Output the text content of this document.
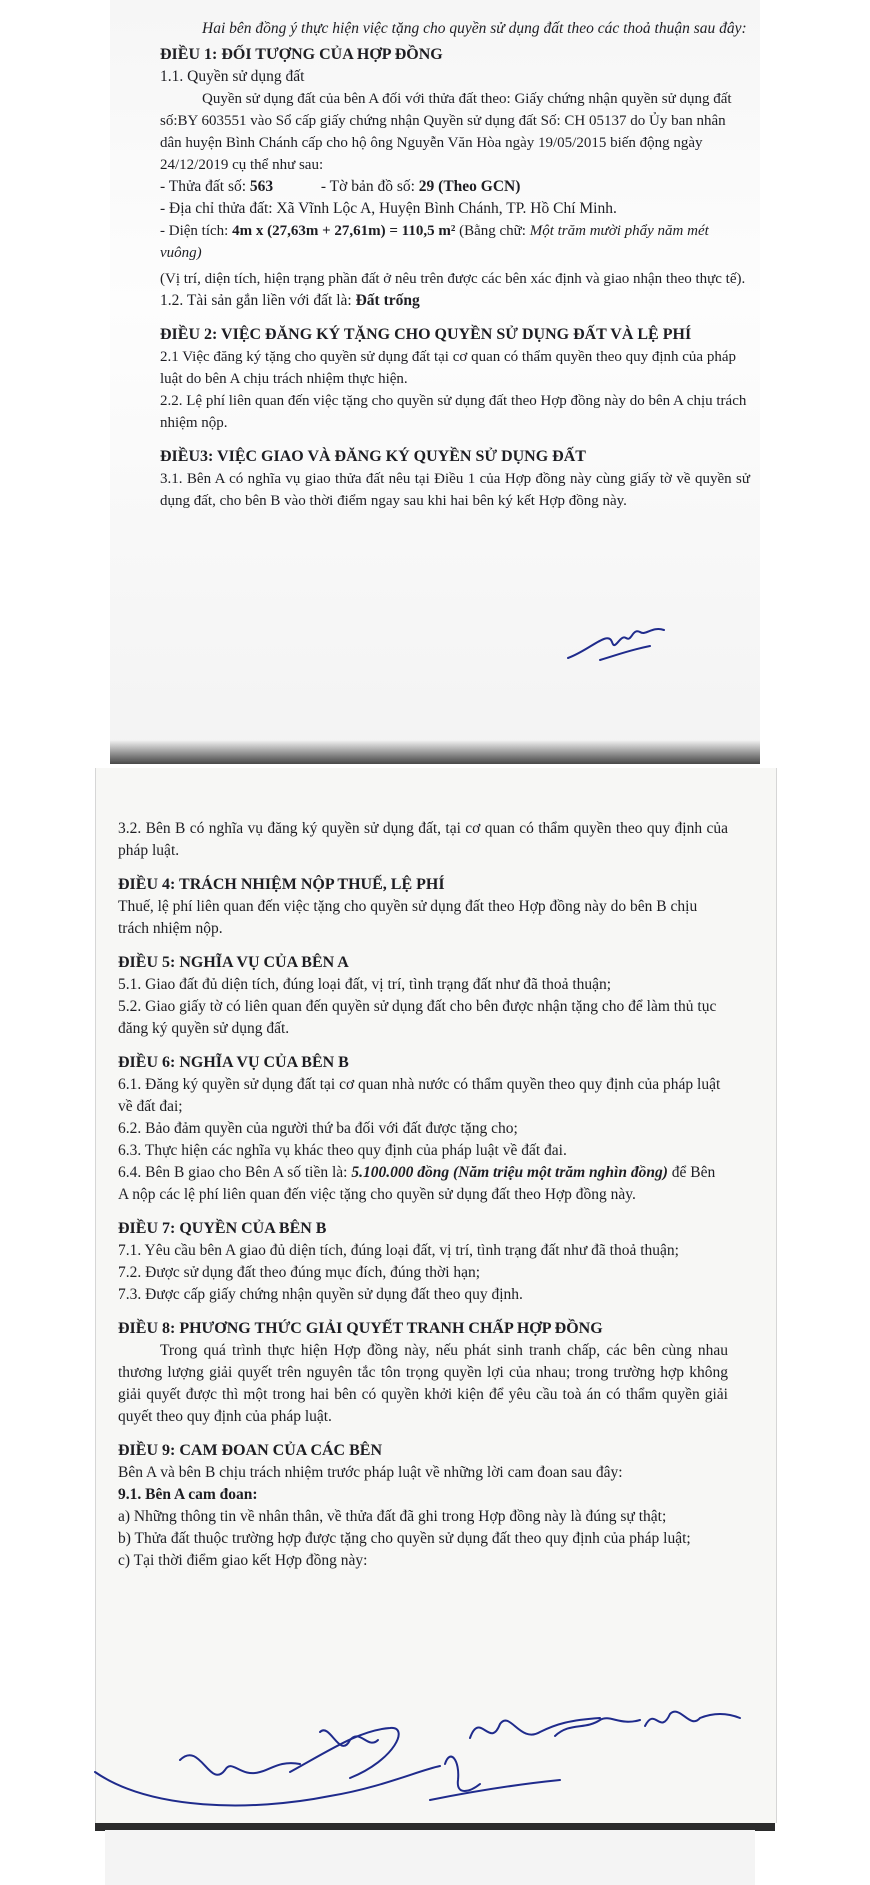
Hai bên đồng ý thực hiện việc tặng cho quyền sử dụng đất theo các thoả thuận sau đây:
ĐIỀU 1: ĐỐI TƯỢNG CỦA HỢP ĐỒNG
1.1. Quyền sử dụng đất
Quyền sử dụng đất của bên A đối với thửa đất theo: Giấy chứng nhận quyền sử dụng đất số:BY 603551 vào Sổ cấp giấy chứng nhận Quyền sử dụng đất Số: CH 05137 do Ủy ban nhân dân huyện Bình Chánh cấp cho hộ ông Nguyễn Văn Hòa ngày 19/05/2015 biến động ngày 24/12/2019 cụ thể như sau:
- Thửa đất số: 563	- Tờ bản đồ số: 29 (Theo GCN)
- Địa chỉ thửa đất: Xã Vĩnh Lộc A, Huyện Bình Chánh, TP. Hồ Chí Minh.
- Diện tích: 4m x (27,63m + 27,61m) = 110,5 m² (Bằng chữ: Một trăm mười phẩy năm mét vuông)
(Vị trí, diện tích, hiện trạng phần đất ở nêu trên được các bên xác định và giao nhận theo thực tế).
1.2. Tài sản gắn liền với đất là: Đất trống
ĐIỀU 2: VIỆC ĐĂNG KÝ TẶNG CHO QUYỀN SỬ DỤNG ĐẤT VÀ LỆ PHÍ
2.1 Việc đăng ký tặng cho quyền sử dụng đất tại cơ quan có thẩm quyền theo quy định của pháp luật do bên A chịu trách nhiệm thực hiện.
2.2. Lệ phí liên quan đến việc tặng cho quyền sử dụng đất theo Hợp đồng này do bên A chịu trách nhiệm nộp.
ĐIỀU3: VIỆC GIAO VÀ ĐĂNG KÝ QUYỀN SỬ DỤNG ĐẤT
3.1. Bên A có nghĩa vụ giao thửa đất nêu tại Điều 1 của Hợp đồng này cùng giấy tờ về quyền sử dụng đất, cho bên B vào thời điểm ngay sau khi hai bên ký kết Hợp đồng này.
3.2. Bên B có nghĩa vụ đăng ký quyền sử dụng đất, tại cơ quan có thẩm quyền theo quy định của pháp luật.
ĐIỀU 4: TRÁCH NHIỆM NỘP THUẾ, LỆ PHÍ
Thuế, lệ phí liên quan đến việc tặng cho quyền sử dụng đất theo Hợp đồng này do bên B chịu trách nhiệm nộp.
ĐIỀU 5: NGHĨA VỤ CỦA BÊN A
5.1. Giao đất đủ diện tích, đúng loại đất, vị trí, tình trạng đất như đã thoả thuận;
5.2. Giao giấy tờ có liên quan đến quyền sử dụng đất cho bên được nhận tặng cho để làm thủ tục đăng ký quyền sử dụng đất.
ĐIỀU 6: NGHĨA VỤ CỦA BÊN B
6.1. Đăng ký quyền sử dụng đất tại cơ quan nhà nước có thẩm quyền theo quy định của pháp luật về đất đai;
6.2. Bảo đảm quyền của người thứ ba đối với đất được tặng cho;
6.3. Thực hiện các nghĩa vụ khác theo quy định của pháp luật về đất đai.
6.4. Bên B giao cho Bên A số tiền là: 5.100.000 đồng (Năm triệu một trăm nghìn đồng) để Bên A nộp các lệ phí liên quan đến việc tặng cho quyền sử dụng đất theo Hợp đồng này.
ĐIỀU 7: QUYỀN CỦA BÊN B
7.1. Yêu cầu bên A giao đủ diện tích, đúng loại đất, vị trí, tình trạng đất như đã thoả thuận;
7.2. Được sử dụng đất theo đúng mục đích, đúng thời hạn;
7.3. Được cấp giấy chứng nhận quyền sử dụng đất theo quy định.
ĐIỀU 8: PHƯƠNG THỨC GIẢI QUYẾT TRANH CHẤP HỢP ĐỒNG
Trong quá trình thực hiện Hợp đồng này, nếu phát sinh tranh chấp, các bên cùng nhau thương lượng giải quyết trên nguyên tắc tôn trọng quyền lợi của nhau; trong trường hợp không giải quyết được thì một trong hai bên có quyền khởi kiện để yêu cầu toà án có thẩm quyền giải quyết theo quy định của pháp luật.
ĐIỀU 9: CAM ĐOAN CỦA CÁC BÊN
Bên A và bên B chịu trách nhiệm trước pháp luật về những lời cam đoan sau đây:
9.1. Bên A cam đoan:
a) Những thông tin về nhân thân, về thửa đất đã ghi trong Hợp đồng này là đúng sự thật;
b) Thửa đất thuộc trường hợp được tặng cho quyền sử dụng đất theo quy định của pháp luật;
c) Tại thời điểm giao kết Hợp đồng này:
